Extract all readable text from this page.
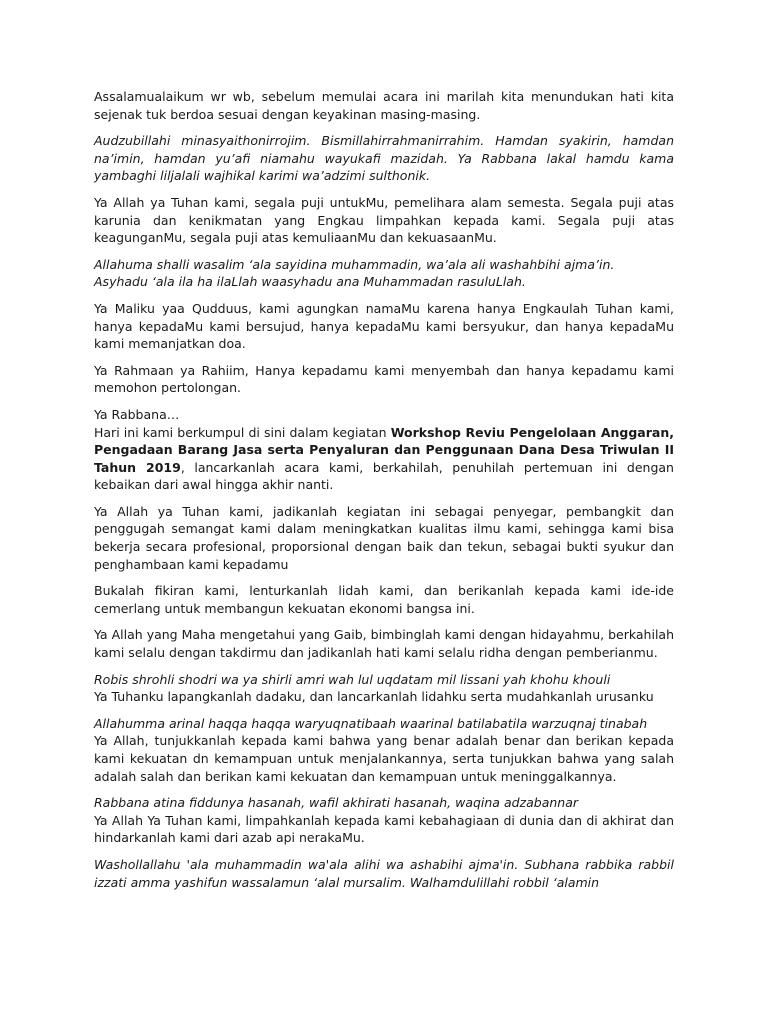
Assalamualaikum wr wb, sebelum memulai acara ini marilah kita menundukan hati kita sejenak tuk berdoa sesuai dengan keyakinan masing-masing.

Audzubillahi minasyaithonirrojim. Bismillahirrahmanirrahim. Hamdan syakirin, hamdan na’imin, hamdan yu’afi niamahu wayukafi mazidah. Ya Rabbana lakal hamdu kama yambaghi liljalali wajhikal karimi wa’adzimi sulthonik.

Ya Allah ya Tuhan kami, segala puji untukMu, pemelihara alam semesta. Segala puji atas karunia dan kenikmatan yang Engkau limpahkan kepada kami. Segala puji atas keagunganMu, segala puji atas kemuliaanMu dan kekuasaanMu.

Allahuma shalli wasalim ‘ala sayidina muhammadin, wa’ala ali washahbihi ajma’in.
Asyhadu ‘ala ila ha ilaLlah waasyhadu ana Muhammadan rasuluLlah.

Ya Maliku yaa Qudduus, kami agungkan namaMu karena hanya Engkaulah Tuhan kami, hanya kepadaMu kami bersujud, hanya kepadaMu kami bersyukur, dan hanya kepadaMu kami memanjatkan doa.

Ya Rahmaan ya Rahiim, Hanya kepadamu kami menyembah dan hanya kepadamu kami memohon pertolongan.

Ya Rabbana…
Hari ini kami berkumpul di sini dalam kegiatan Workshop Reviu Pengelolaan Anggaran, Pengadaan Barang Jasa serta Penyaluran dan Penggunaan Dana Desa Triwulan II Tahun 2019, lancarkanlah acara kami, berkahilah, penuhilah pertemuan ini dengan kebaikan dari awal hingga akhir nanti.

Ya Allah ya Tuhan kami, jadikanlah kegiatan ini sebagai penyegar, pembangkit dan penggugah semangat kami dalam meningkatkan kualitas ilmu kami, sehingga kami bisa bekerja secara profesional, proporsional dengan baik dan tekun, sebagai bukti syukur dan penghambaan kami kepadamu

Bukalah fikiran kami, lenturkanlah lidah kami, dan berikanlah kepada kami ide-ide cemerlang untuk membangun kekuatan ekonomi bangsa ini.

Ya Allah yang Maha mengetahui yang Gaib, bimbinglah kami dengan hidayahmu, berkahilah kami selalu dengan takdirmu dan jadikanlah hati kami selalu ridha dengan pemberianmu.

Robis shrohli shodri wa ya shirli amri wah lul uqdatam mil lissani yah khohu khouli
Ya Tuhanku lapangkanlah dadaku, dan lancarkanlah lidahku serta mudahkanlah urusanku

Allahumma arinal haqqa haqqa waryuqnatibaah waarinal batilabatila warzuqnaj tinabah
Ya Allah, tunjukkanlah kepada kami bahwa yang benar adalah benar dan berikan kepada kami kekuatan dn kemampuan untuk menjalankannya, serta tunjukkan bahwa yang salah adalah salah dan berikan kami kekuatan dan kemampuan untuk meninggalkannya.

Rabbana atina fiddunya hasanah, wafil akhirati hasanah, waqina adzabannar
Ya Allah Ya Tuhan kami, limpahkanlah kepada kami kebahagiaan di dunia dan di akhirat dan hindarkanlah kami dari azab api nerakaMu.

Washollallahu 'ala muhammadin wa'ala alihi wa ashabihi ajma'in. Subhana rabbika rabbil izzati amma yashifun wassalamun ‘alal mursalim. Walhamdulillahi robbil ‘alamin
